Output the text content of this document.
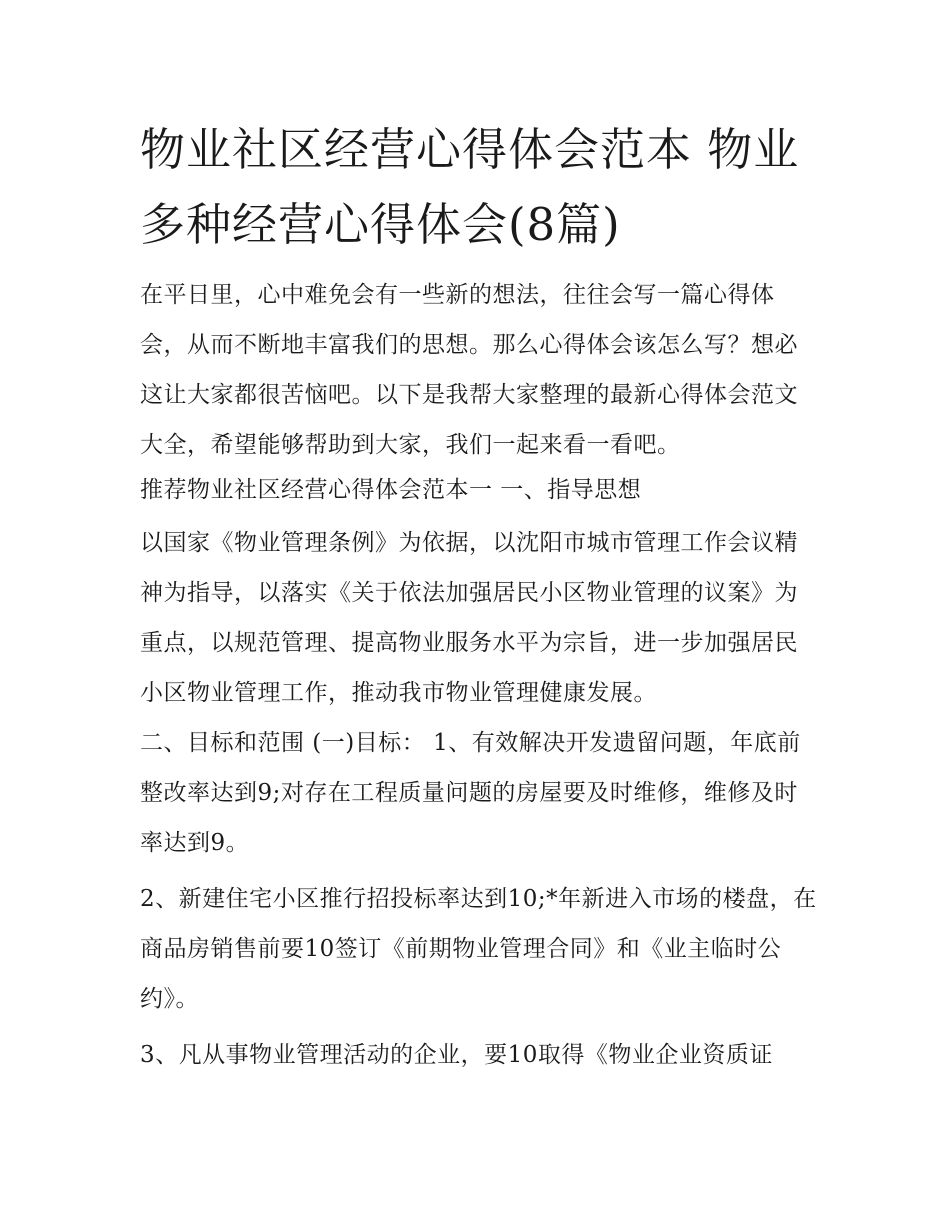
物业社区经营心得体会范本 物业多种经营心得体会(8篇)

在平日里，心中难免会有一些新的想法，往往会写一篇心得体会，从而不断地丰富我们的思想。那么心得体会该怎么写？想必这让大家都很苦恼吧。以下是我帮大家整理的最新心得体会范文大全，希望能够帮助到大家，我们一起来看一看吧。

推荐物业社区经营心得体会范本一 一、指导思想

以国家《物业管理条例》为依据，以沈阳市城市管理工作会议精神为指导，以落实《关于依法加强居民小区物业管理的议案》为重点，以规范管理、提高物业服务水平为宗旨，进一步加强居民小区物业管理工作，推动我市物业管理健康发展。

二、目标和范围 (一)目标： 1、有效解决开发遗留问题，年底前整改率达到9;对存在工程质量问题的房屋要及时维修，维修及时率达到9。

2、新建住宅小区推行招投标率达到10;*年新进入市场的楼盘，在商品房销售前要10签订《前期物业管理合同》和《业主临时公约》。

3、凡从事物业管理活动的企业，要10取得《物业企业资质证
